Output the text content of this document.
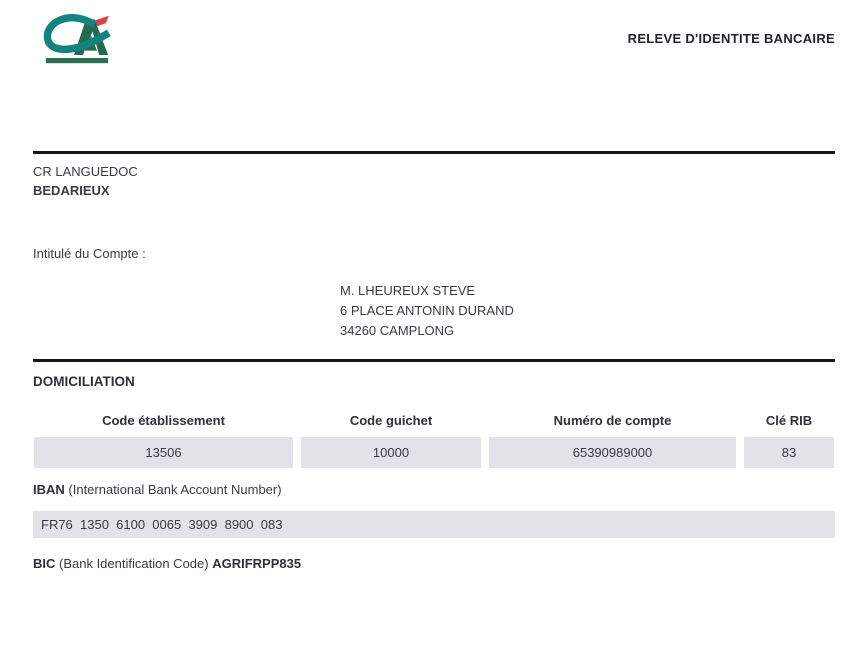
RELEVE D'IDENTITE BANCAIRE
CR LANGUEDOC
BEDARIEUX
Intitulé du Compte :
M. LHEUREUX STEVE
6 PLACE ANTONIN DURAND
34260 CAMPLONG
DOMICILIATION
Code établissement	Code guichet	Numéro de compte	Clé RIB
13506	10000	65390989000	83
IBAN (International Bank Account Number)
FR76  1350  6100  0065  3909  8900  083
BIC (Bank Identification Code) AGRIFRPP835
